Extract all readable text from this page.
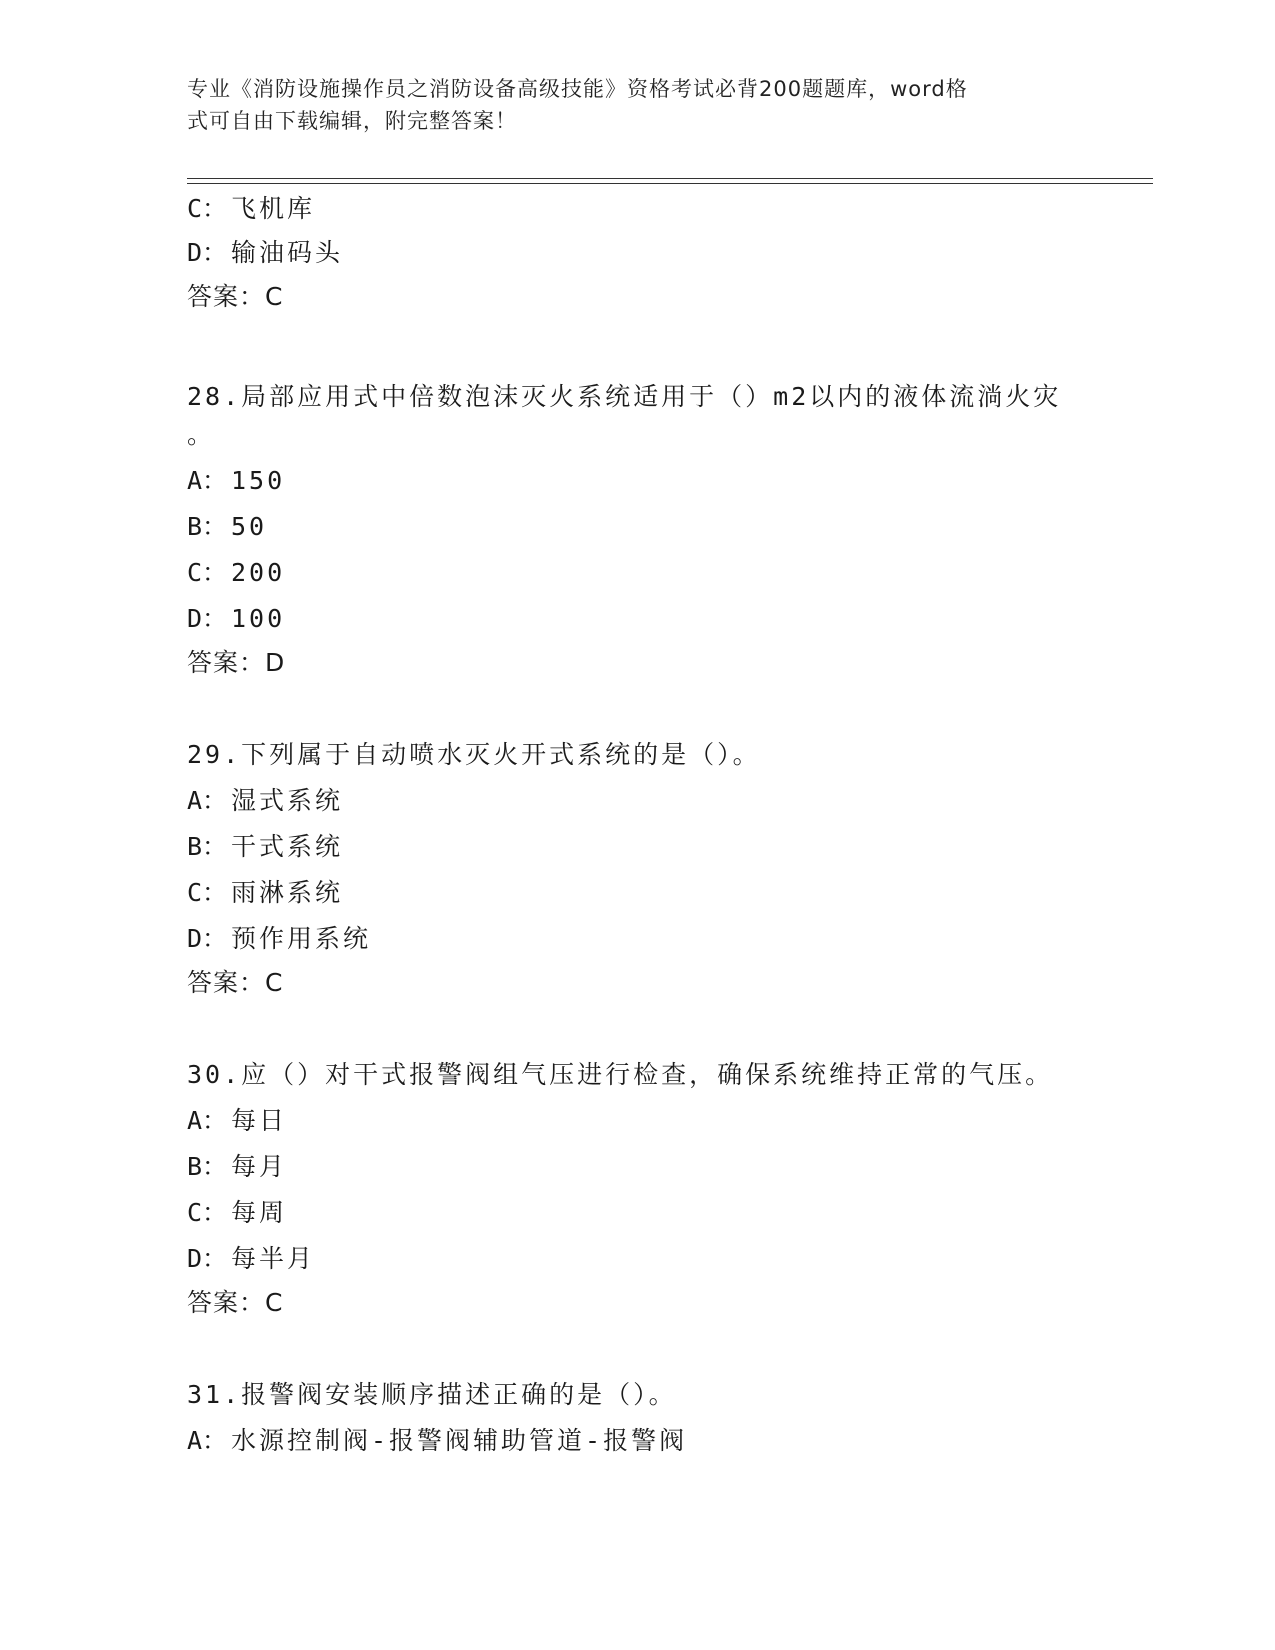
专业《消防设施操作员之消防设备高级技能》资格考试必背200题题库，word格
式可自由下载编辑，附完整答案！
C： 飞机库
D： 输油码头
答案：C
28.局部应用式中倍数泡沫灭火系统适用于（）m2以内的液体流淌火灾
。
A： 150
B： 50
C： 200
D： 100
答案：D
29.下列属于自动喷水灭火开式系统的是（）。
A： 湿式系统
B： 干式系统
C： 雨淋系统
D： 预作用系统
答案：C
30.应（）对干式报警阀组气压进行检查，确保系统维持正常的气压。
A： 每日
B： 每月
C： 每周
D： 每半月
答案：C
31.报警阀安装顺序描述正确的是（）。
A： 水源控制阀-报警阀辅助管道-报警阀
